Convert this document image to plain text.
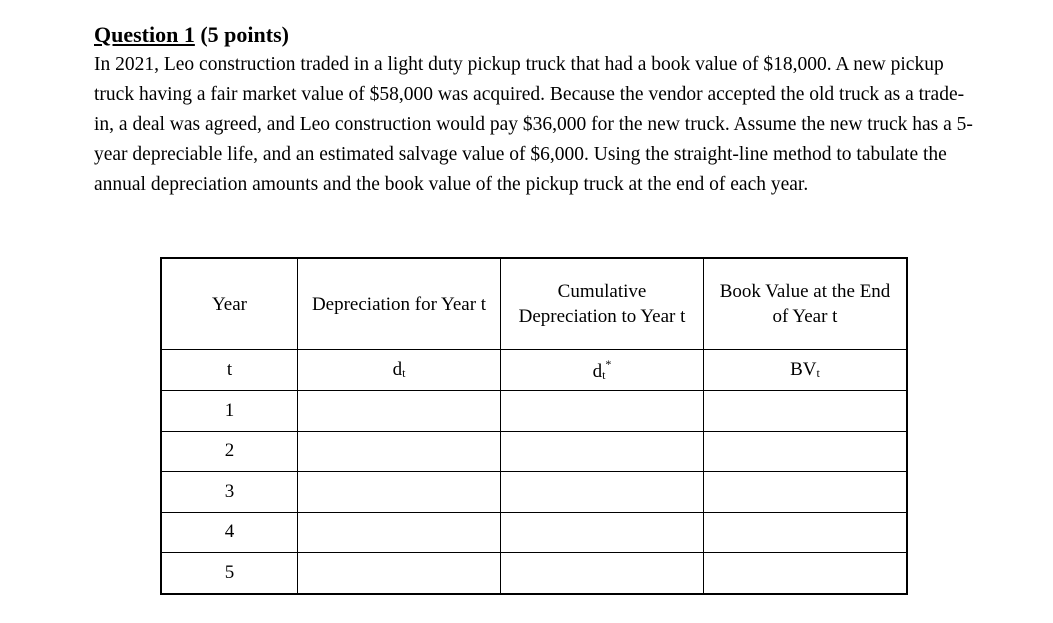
Question 1 (5 points)

In 2021, Leo construction traded in a light duty pickup truck that had a book value of $18,000. A new pickup truck having a fair market value of $58,000 was acquired. Because the vendor accepted the old truck as a trade-in, a deal was agreed, and Leo construction would pay $36,000 for the new truck. Assume the new truck has a 5-year depreciable life, and an estimated salvage value of $6,000. Using the straight-line method to tabulate the annual depreciation amounts and the book value of the pickup truck at the end of each year.

Year	Depreciation for Year t	Cumulative Depreciation to Year t	Book Value at the End of Year t
t	$d_t$	$d_t^*$	$BV_t$
1			
2			
3			
4			
5			
